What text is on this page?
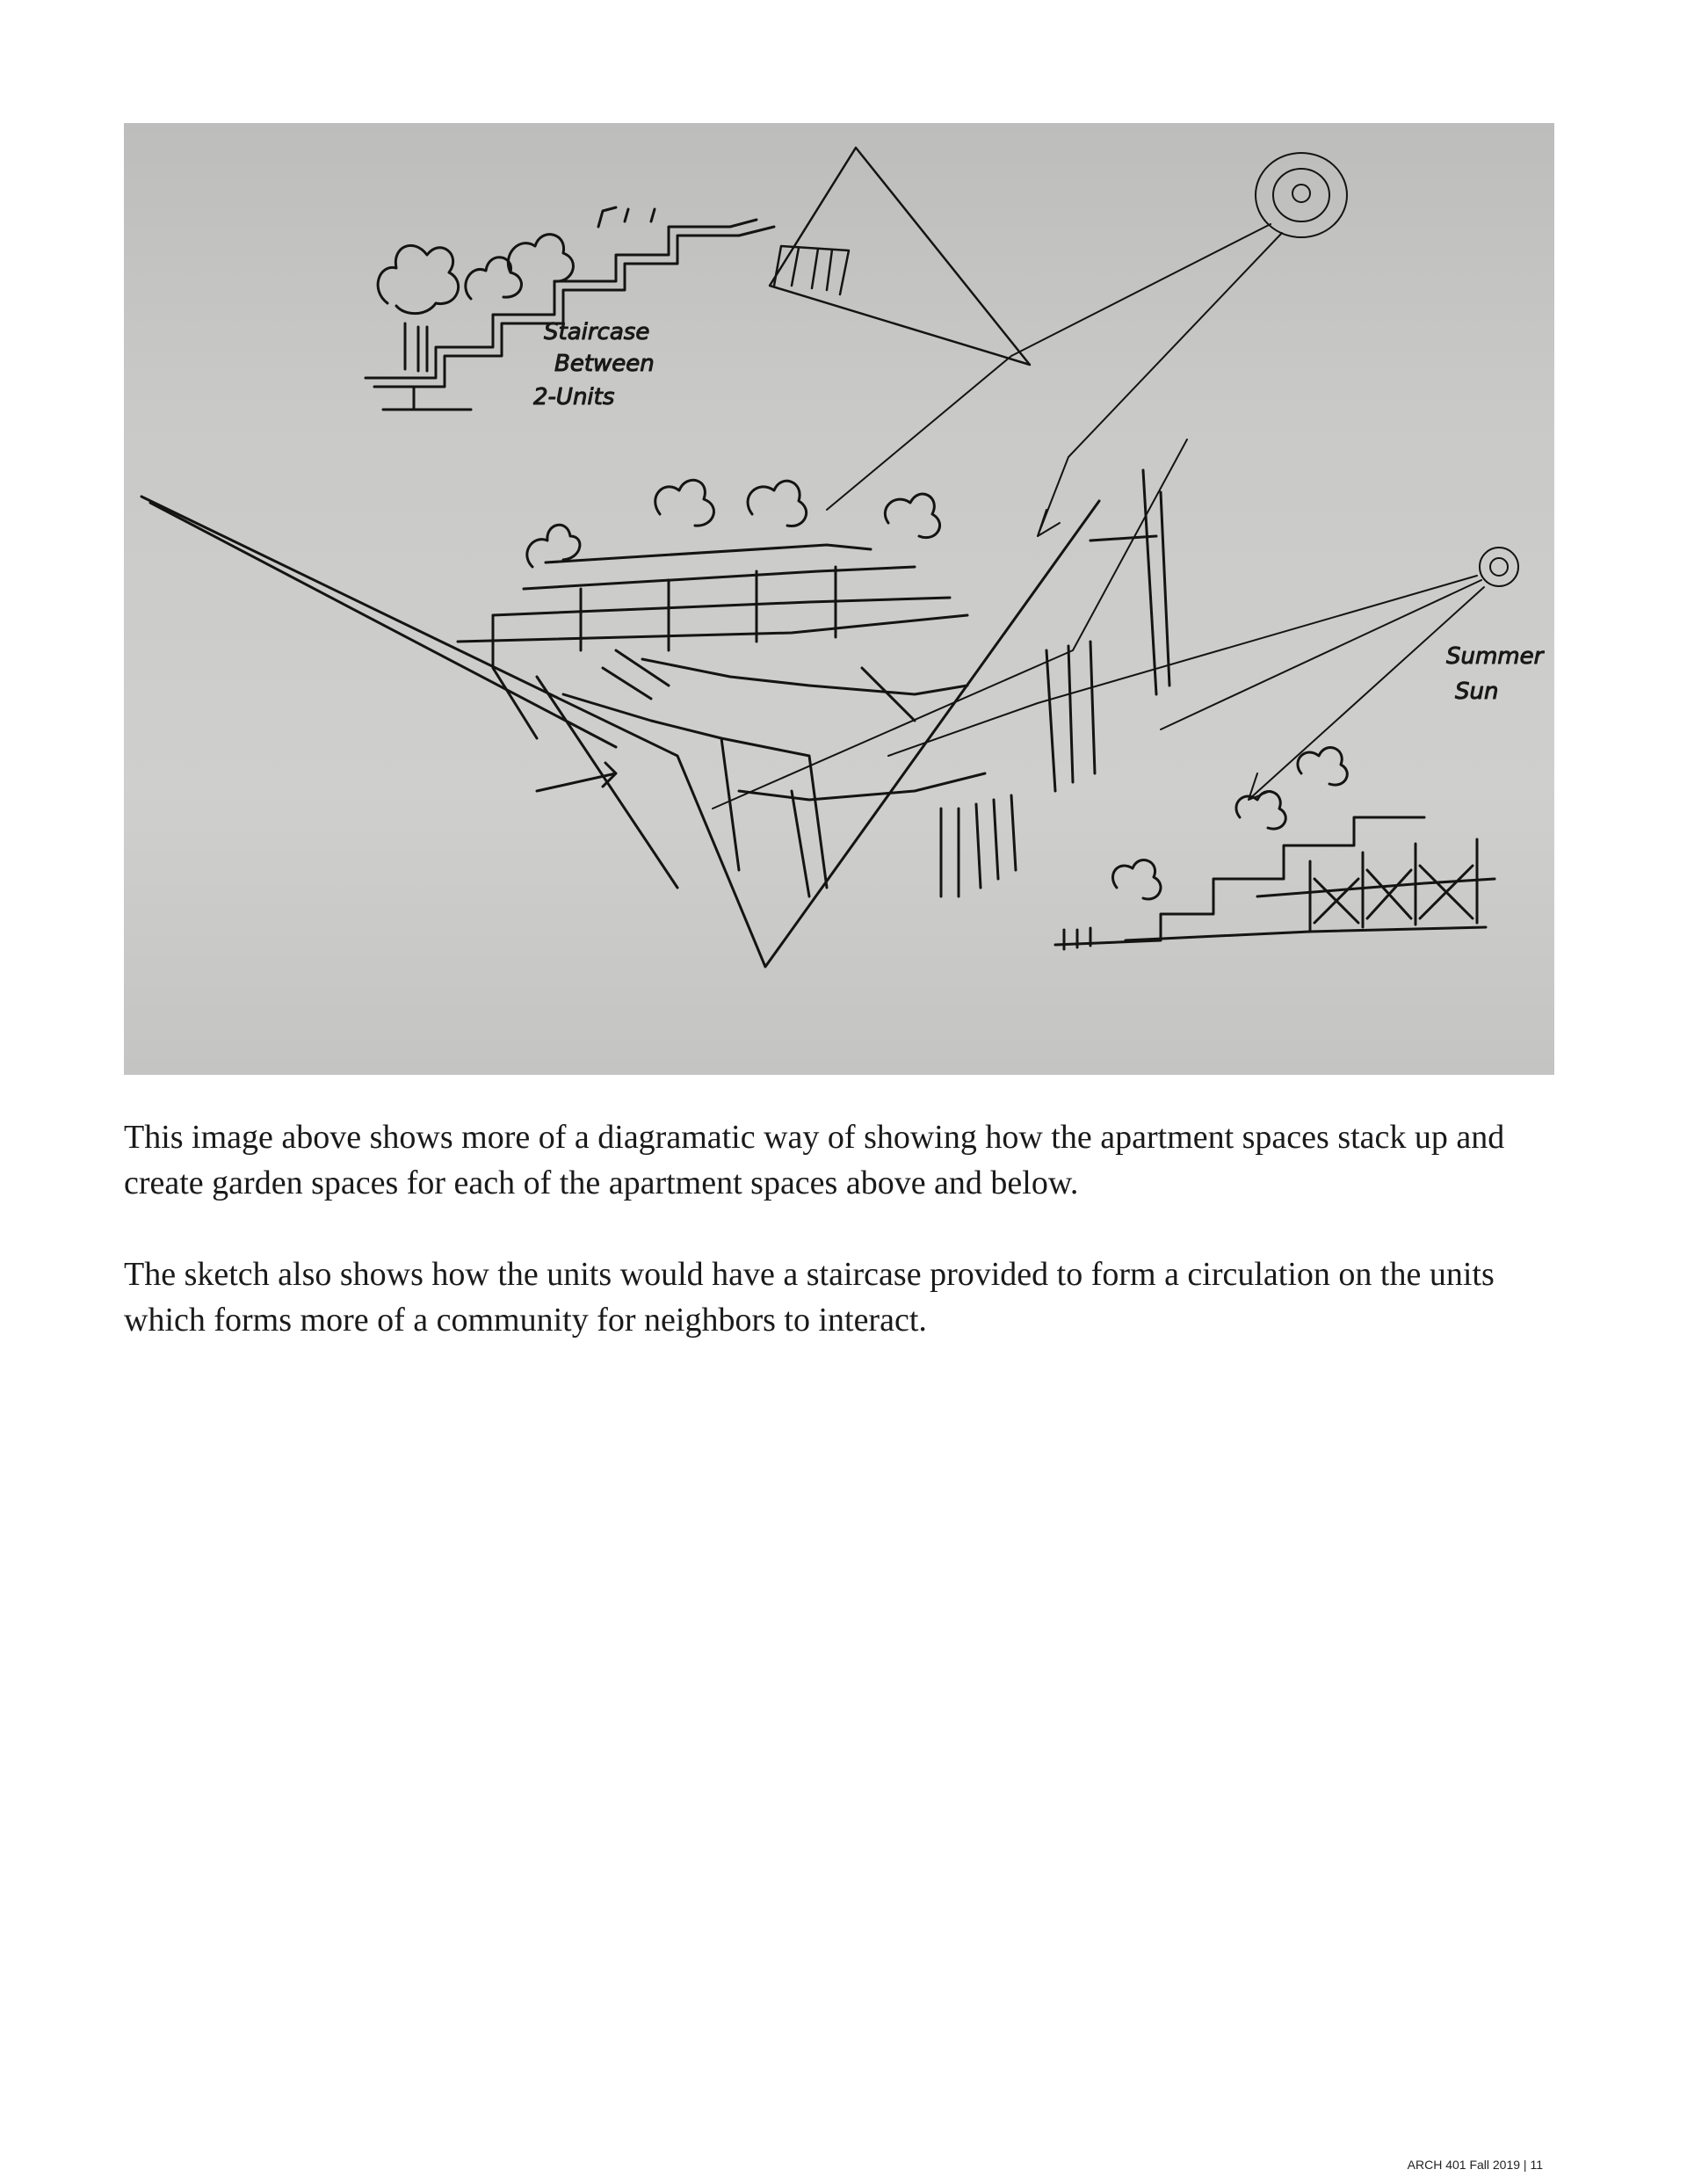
Staircase
Between
2-Units
Summer
Sun

This image above shows more of a diagramatic way of showing how the apartment spaces stack up and create garden spaces for each of the apartment spaces above and below.

The sketch also shows how the units would have a staircase provided to form a circulation on the units which forms more of a community for neighbors to interact.

ARCH 401 Fall 2019 | 11
